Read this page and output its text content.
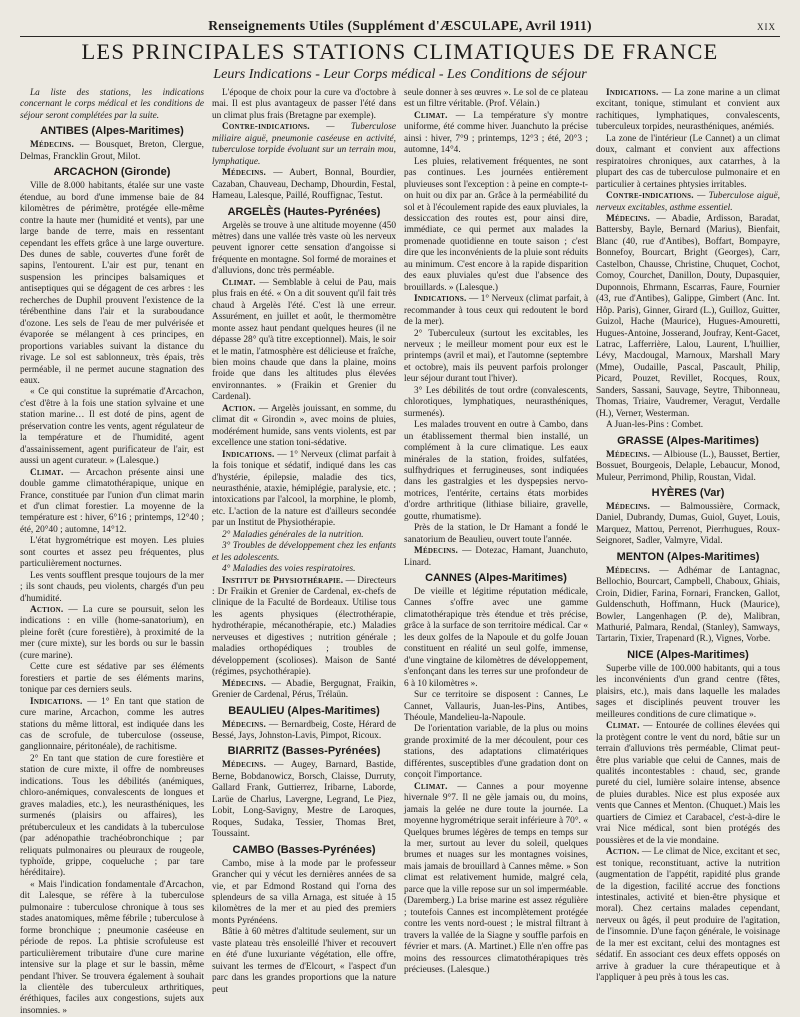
Renseignements Utiles (Supplément d'ÆSCULAPE, Avril 1911)	XIX
LES PRINCIPALES STATIONS CLIMATIQUES DE FRANCE
Leurs Indications - Leur Corps médical - Les Conditions de séjour

La liste des stations, les indications concernant le corps médical et les conditions de séjour seront complétées par la suite.

ANTIBES (Alpes-Maritimes)

Médecins. — Bousquet, Breton, Clergue, Delmas, Francklin Grout, Milot.

ARCACHON (Gironde)

Ville de 8.000 habitants, étalée sur une vaste étendue, au bord d'une immense baie de 84 kilomètres de périmètre, protégée elle-même contre la haute mer (humidité et vents), par une large bande de terre, mais en ressentant cependant les effets grâce à une large ouverture. Des dunes de sable, couvertes d'une forêt de sapins, l'entourent. L'air est pur, tenant en suspension les principes balsamiques et antiseptiques qui se dégagent de ces arbres : les recherches de Duphil prouvent l'existence de la térébenthine dans l'air et la suraboudance d'ozone. Les sels de l'eau de mer pulvérisée et évaporée se mélangent à ces principes, en proportions variables suivant la distance du rivage. Le sol est sablonneux, très épais, très perméable, il ne permet aucune stagnation des eaux.

« Ce qui constitue la suprématie d'Arcachon, c'est d'être à la fois une station sylvaine et une station marine… Il est doté de pins, agent de préservation contre les vents, agent régulateur de la température et de l'humidité, agent d'assainissement, agent purificateur de l'air, est aussi un agent curateur. » (Lalesque.)

Climat. — Arcachon présente ainsi une double gamme climatothérapique, unique en France, constituée par l'union d'un climat marin et d'un climat forestier. La moyenne de la température est : hiver, 6°16 ; printemps, 12°40 ; été, 20°40 ; automne, 14°12.

L'état hygrométrique est moyen. Les pluies sont courtes et assez peu fréquentes, plus particulièrement nocturnes.

Les vents soufflent presque toujours de la mer ; ils sont chauds, peu violents, chargés d'un peu d'humidité.

Action. — La cure se poursuit, selon les indications : en ville (home-sanatorium), en pleine forêt (cure forestière), à proximité de la mer (cure mixte), sur les bords ou sur le bassin (cure marine).

Cette cure est sédative par ses éléments forestiers et partie de ses éléments marins, tonique par ces derniers seuls.

Indications. — 1° En tant que station de cure marine, Arcachon, comme les autres stations du même littoral, est indiquée dans les cas de scrofule, de tuberculose (osseuse, ganglionnaire, péritonéale), de rachitisme.

2° En tant que station de cure forestière et station de cure mixte, il offre de nombreuses indications. Tous les débilités (anémiques, chloro-anémiques, convalescents de longues et graves maladies, etc.), les neurasthéniques, les surmenés (plaisirs ou affaires), les prétuberculeux et les candidats à la tuberculose (par adénopathie trachéobronchique ; par reliquats pulmonaires ou pleuraux de rougeole, typhoïde, grippe, coqueluche ; par tare héréditaire).

« Mais l'indication fondamentale d'Arcachon, dit Lalesque, se réfère à la tuberculose pulmonaire : tuberculose chronique à tous ses stades anatomiques, même fébrile ; tuberculose à forme bronchique ; pneumonie caséeuse en période de repos. La phtisie scrofuleuse est particulièrement tributaire d'une cure marine intensive sur la plage et sur le bassin, même pendant l'hiver. Se trouvera également à souhait la clientèle des tuberculeux arthritiques, éréthiques, faciles aux congestions, sujets aux insomnies. »

L'époque de choix pour la cure va d'octobre à mai. Il est plus avantageux de passer l'été dans un climat plus frais (Bretagne par exemple).

Contre-indications. — Tuberculose miliaire aiguë, pneumonie caséeuse en activité, tuberculose torpide évoluant sur un terrain mou, lymphatique.

Médecins. — Aubert, Bonnal, Bourdier, Cazaban, Chauveau, Dechamp, Dhourdin, Festal, Hameau, Lalesque, Paillé, Rouffignac, Testut.

ARGELÈS (Hautes-Pyrénées)

Argelès se trouve à une altitude moyenne (450 mètres) dans une vallée très vaste où les nerveux peuvent ignorer cette sensation d'angoisse si fréquente en montagne. Sol formé de moraines et d'alluvions, donc très perméable.

Climat. — Semblable à celui de Pau, mais plus frais en été. « On a dit souvent qu'il fait très chaud à Argelès l'été. C'est là une erreur. Assurément, en juillet et août, le thermomètre monte assez haut pendant quelques heures (il ne dépasse 28° qu'à titre exceptionnel). Mais, le soir et le matin, l'atmosphère est délicieuse et fraîche, bien moins chaude que dans la plaine, moins froide que dans les altitudes plus élevées environnantes. » (Fraikin et Grenier du Cardenal).

Action. — Argelès jouissant, en somme, du climat dit « Girondin », avec moins de pluies, modérément humide, sans vents violents, est par excellence une station toni-sédative.

Indications. — 1° Nerveux (climat parfait à la fois tonique et sédatif, indiqué dans les cas d'hystérie, épilepsie, maladie des tics, neurasthénie, ataxie, hémiplégie, paralysie, etc. ; intoxications par l'alcool, la morphine, le plomb, etc. L'action de la nature est d'ailleurs secondée par un Institut de Physiothérapie.

2° Maladies générales de la nutrition.

3° Troubles de développement chez les enfants et les adolescents.

4° Maladies des voies respiratoires.

Institut de Physiothérapie. — Directeurs : Dr Fraikin et Grenier de Cardenal, ex-chefs de clinique de la Faculté de Bordeaux. Utilise tous les agents physiques (électrothérapie, hydrothérapie, mécanothérapie, etc.) Maladies nerveuses et digestives ; nutrition générale ; maladies orthopédiques ; troubles de développement (scolioses). Maison de Santé (régimes, psychothérapie).

Médecins. — Abadie, Bergugnat, Fraikin, Grenier de Cardenal, Pérus, Trélaün.

BEAULIEU (Alpes-Maritimes)

Médecins. — Bernardbeig, Coste, Hérard de Bessé, Jays, Johnston-Lavis, Pimpot, Ricoux.

BIARRITZ (Basses-Pyrénées)

Médecins. — Augey, Barnard, Bastide, Berne, Bobdanowicz, Borsch, Claisse, Durruty, Gallard Frank, Guttierrez, Iribarne, Laborde, Larüe de Charlus, Lavergne, Legrand, Le Piez, Lobit, Long-Savigny, Mestre de Laroques, Roques, Sudaka, Tessier, Thomas Bret, Toussaint.

CAMBO (Basses-Pyrénées)

Cambo, mise à la mode par le professeur Grancher qui y vécut les dernières années de sa vie, et par Edmond Rostand qui l'orna des splendeurs de sa villa Arnaga, est située à 15 kilomètres de la mer et au pied des premiers monts Pyrénéens.

Bâtie à 60 mètres d'altitude seulement, sur un vaste plateau très ensoleillé l'hiver et recouvert en été d'une luxuriante végétation, elle offre, suivant les termes de d'Elcourt, « l'aspect d'un parc dans les grandes proportions que la nature peut

seule donner à ses œuvres ». Le sol de ce plateau est un filtre véritable. (Prof. Vélain.)

Climat. — La température s'y montre uniforme, été comme hiver. Juanchuto la précise ainsi : hiver, 7°9 ; printemps, 12°3 ; été, 20°3 ; automne, 14°4.

Les pluies, relativement fréquentes, ne sont pas continues. Les journées entièrement pluvieuses sont l'exception : à peine en compte-t-on huit ou dix par an. Grâce à la perméabilité du sol et à l'écoulement rapide des eaux pluviales, la dessiccation des routes est, pour ainsi dire, immédiate, ce qui permet aux malades la promenade quotidienne en toute saison ; c'est dire que les inconvénients de la pluie sont réduits au minimum. C'est encore à la rapide disparition des eaux pluviales qu'est due l'absence des brouillards. » (Lalesque.)

Indications. — 1° Nerveux (climat parfait, à recommander à tous ceux qui redoutent le bord de la mer).

2° Tuberculeux (surtout les excitables, les nerveux ; le meilleur moment pour eux est le printemps (avril et mai), et l'automne (septembre et octobre), mais ils peuvent parfois prolonger leur séjour durant tout l'hiver).

3° Les débilités de tout ordre (convalescents, chlorotiques, lymphatiques, neurasthéniques, surmenés).

Les malades trouvent en outre à Cambo, dans un établissement thermal bien installé, un complément à la cure climatique. Les eaux minérales de la station, froides, sulfatées, sulfhydriques et ferrugineuses, sont indiquées dans les gastralgies et les dyspepsies nervo-motrices, l'entérite, certains états morbides d'ordre arthritique (lithiase biliaire, gravelle, goutte, rhumatisme).

Près de la station, le Dr Hamant a fondé le sanatorium de Beaulieu, ouvert toute l'année.

Médecins. — Dotezac, Hamant, Juanchuto, Linard.

CANNES (Alpes-Maritimes)

De vieille et légitime réputation médicale, Cannes s'offre avec une gamme climatothérapique très étendue et très précise, grâce à la surface de son territoire médical. Car « les deux golfes de la Napoule et du golfe Jouan constituent en réalité un seul golfe, immense, d'une vingtaine de kilomètres de développement, s'enfonçant dans les terres sur une profondeur de 6 à 10 kilomètres ».

Sur ce territoire se disposent : Cannes, Le Cannet, Vallauris, Juan-les-Pins, Antibes, Théoule, Mandelieu-la-Napoule.

De l'orientation variable, de la plus ou moins grande proximité de la mer découlent, pour ces stations, des adaptations climatériques différentes, susceptibles d'une gradation dont on conçoit l'importance.

Climat. — Cannes a pour moyenne hivernale 9°7. Il ne gèle jamais ou, du moins, jamais la gelée ne dure toute la journée. La moyenne hygrométrique serait inférieure à 70°. « Quelques brumes légères de temps en temps sur la mer, surtout au lever du soleil, quelques brumes et nuages sur les montagnes voisines, mais jamais de brouillard à Cannes même. » Son climat est relativement humide, malgré cela, parce que la ville repose sur un sol imperméable. (Daremberg.) La brise marine est assez régulière ; toutefois Cannes est incomplètement protégée contre les vents nord-ouest ; le mistral filtrant à travers la vallée de la Siagne y souffle parfois en février et mars. (A. Martinet.) Elle n'en offre pas moins des ressources climatothérapiques très précieuses. (Lalesque.)

Indications. — La zone marine a un climat excitant, tonique, stimulant et convient aux rachitiques, lymphatiques, convalescents, tuberculeux torpides, neurasthéniques, anémiés.

La zone de l'intérieur (Le Cannet) a un climat doux, calmant et convient aux affections respiratoires chroniques, aux catarrhes, à la plupart des cas de tuberculose pulmonaire et en particulier à certaines phtysies irritables.

Contre-indications. — Tuberculose aiguë, nerveux excitables, asthme essentiel.

Médecins. — Abadie, Ardisson, Baradat, Battersby, Bayle, Bernard (Marius), Bienfait, Blanc (40, rue d'Antibes), Boffart, Bompayre, Bonnefoy, Bourcart, Bright (Georges), Carr, Castelbon, Chausse, Christine, Chuquet, Cochot, Comoy, Courchet, Danillon, Douty, Dupasquier, Duponnois, Ehrmann, Escarras, Faure, Fournier (43, rue d'Antibes), Galippe, Gimbert (Anc. Int. Hôp. Paris), Ginner, Girard (L.), Guilloz, Guitter, Guizol, Hache (Maurice), Hugues-Amouretti, Hugues-Antoine, Josserand, Joufray, Kent-Gacet, Latrac, Lafferrière, Lalou, Laurent, L'huillier, Lévy, Macdougal, Marnoux, Marshall Mary (Mme), Oudaille, Pascal, Pascault, Philip, Picard, Pouzet, Revillet, Rocques, Roux, Sanders, Sassani, Sauvage, Seytre, Thibonneau, Thomas, Triaire, Vaudremer, Veragut, Verdalle (H.), Verneт, Westerman.

A Juan-les-Pins : Combet.

GRASSE (Alpes-Maritimes)

Médecins. — Albiouse (L.), Bausset, Bertier, Bossuet, Bourgeois, Delaple, Lebaucur, Monod, Muleur, Perrimond, Philip, Roustan, Vidal.

HYÈRES (Var)

Médecins. — Balmoussière, Cormack, Daniel, Dubrandy, Dumas, Guiol, Guyet, Louis, Marquez, Mattou, Perrenot, Pierrhugues, Roux-Seignoret, Sadler, Valmyre, Vidal.

MENTON (Alpes-Maritimes)

Médecins. — Adhémar de Lantagnac, Bellochio, Bourcart, Campbell, Chaboux, Ghiais, Croin, Didier, Farina, Fornari, Francken, Gallot, Guldenschuth, Hoffmann, Huck (Maurice), Bowler, Langenhagen (P. de), Malibran, Mathurié, Palmara, Rendal, (Stanley), Samways, Tartarin, Tixier, Trapenard (R.), Vignes, Vorbe.

NICE (Alpes-Maritimes)

Superbe ville de 100.000 habitants, qui a tous les inconvénients d'un grand centre (fêtes, plaisirs, etc.), mais dans laquelle les malades sages et disciplinés peuvent trouver les meilleures conditions de cure climatique ».

Climat. — Entourée de collines élevées qui la protègent contre le vent du nord, bâtie sur un terrain d'alluvions très perméable, Climat peut-être plus variable que celui de Cannes, mais de qualités incontestables : chaud, sec, grande pureté du ciel, lumière solaire intense, absence de pluies durables. Nice est plus exposée aux vents que Cannes et Menton. (Chuquet.) Mais les quartiers de Cimiez et Carabacel, c'est-à-dire le vrai Nice médical, sont bien protégés des poussières et de la vie mondaine.

Action. — Le climat de Nice, excitant et sec, est tonique, reconstituant, active la nutrition (augmentation de l'appétit, rapidité plus grande de la digestion, facilité accrue des fonctions intestinales, activité et bien-être physique et moral). Chez certains malades cependant, nerveux ou âgés, il peut produire de l'agitation, de l'insomnie. D'une façon générale, le voisinage de la mer est excitant, celui des montagnes est sédatif. En associant ces deux effets opposés on arrive à graduer la cure thérapeutique et à l'appliquer à peu près à tous les cas.
